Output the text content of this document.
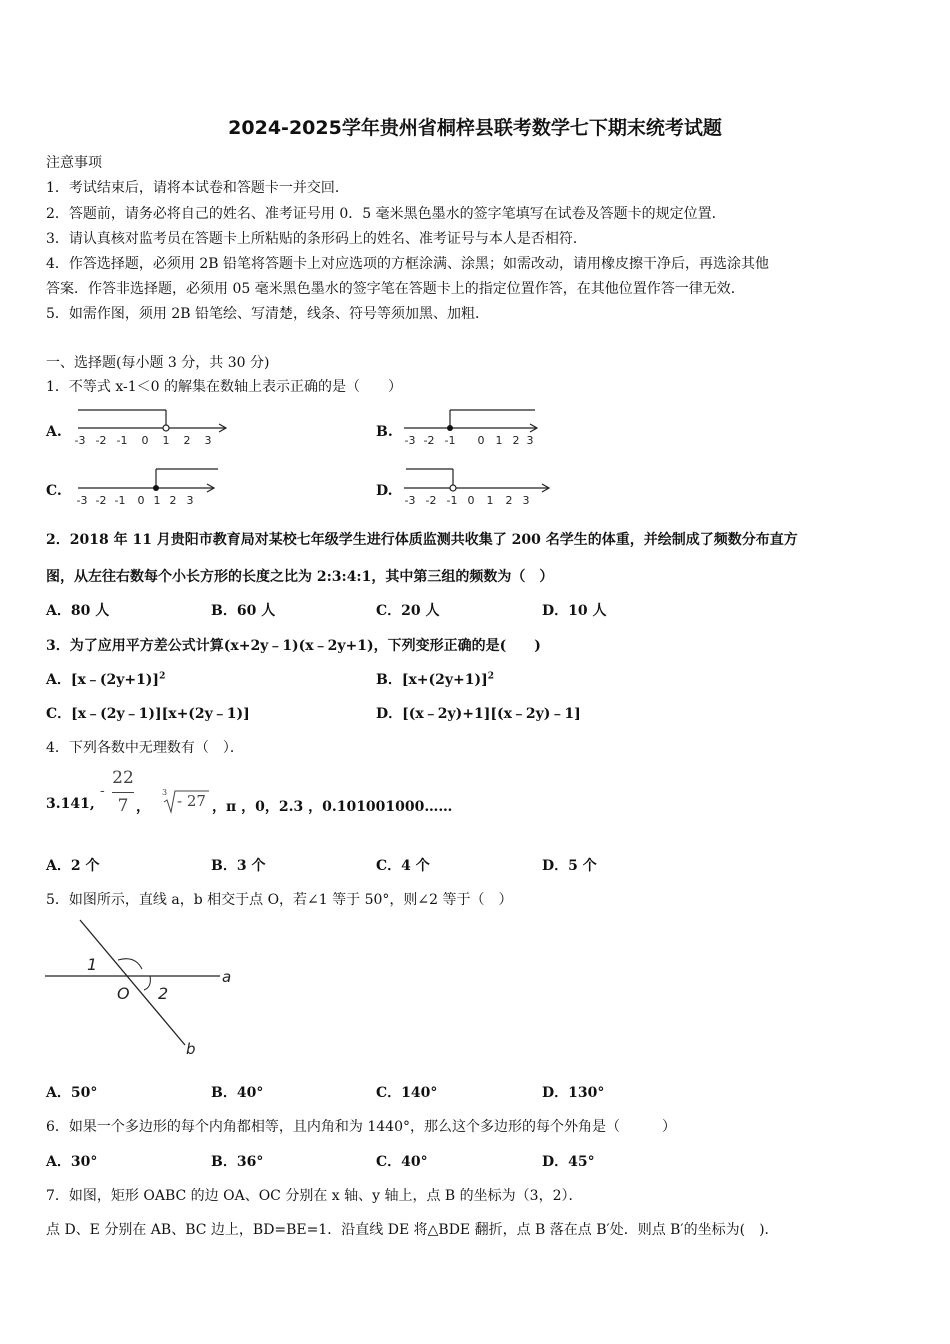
2024-2025学年贵州省桐梓县联考数学七下期末统考试题
注意事项
1．考试结束后，请将本试卷和答题卡一并交回．
2．答题前，请务必将自己的姓名、准考证号用 0．5 毫米黑色墨水的签字笔填写在试卷及答题卡的规定位置．
3．请认真核对监考员在答题卡上所粘贴的条形码上的姓名、准考证号与本人是否相符．
4．作答选择题，必须用 2B 铅笔将答题卡上对应选项的方框涂满、涂黑；如需改动，请用橡皮擦干净后，再选涂其他
答案．作答非选择题，必须用 05 毫米黑色墨水的签字笔在答题卡上的指定位置作答，在其他位置作答一律无效．
5．如需作图，须用 2B 铅笔绘、写清楚，线条、符号等须加黑、加粗．
一、选择题(每小题 3 分，共 30 分)
1．不等式 x-1＜0 的解集在数轴上表示正确的是（　　）
A.	B.
C.	D.
-3 -2 -1 0 1 2 3	-3 -2 -1 0 1 2 3
-3 -2 -1 0 1 2 3	-3 -2 -1 0 1 2 3
2．2018 年 11 月贵阳市教育局对某校七年级学生进行体质监测共收集了 200 名学生的体重，并绘制成了频数分布直方
图，从左往右数每个小长方形的长度之比为 2:3:4:1，其中第三组的频数为（　）
A．80 人	B．60 人	C．20 人	D．10 人
3．为了应用平方差公式计算(x+2y﹣1)(x﹣2y+1)，下列变形正确的是(　　)
A．[x﹣(2y+1)]$^2$	B．$[x+(2y+1)]^2$
C．[x﹣(2y﹣1)][x+(2y﹣1)]	D．[(x﹣2y)+1][(x﹣2y)﹣1]
4．下列各数中无理数有（　）．
3.141,
-
22
7 ，
3 - 27 ，π ，0，2.3 ，0.101001000……
A．2 个	B．3 个	C．4 个	D．5 个
5．如图所示，直线 a，b 相交于点 O，若∠1 等于 50°，则∠2 等于（　）
1
2
O
a
b
A．50°	B．40°	C．140°	D．130°
6．如果一个多边形的每个内角都相等，且内角和为 1440°，那么这个多边形的每个外角是（　　　）
A．30°	B．36°	C．40°	D．45°
7．如图，矩形 OABC 的边 OA、OC 分别在 x 轴、y 轴上，点 B 的坐标为（3，2）．
点 D、E 分别在 AB、BC 边上，BD=BE=1．沿直线 DE 将△BDE 翻折，点 B 落在点 B′处．则点 B′的坐标为(　)．
